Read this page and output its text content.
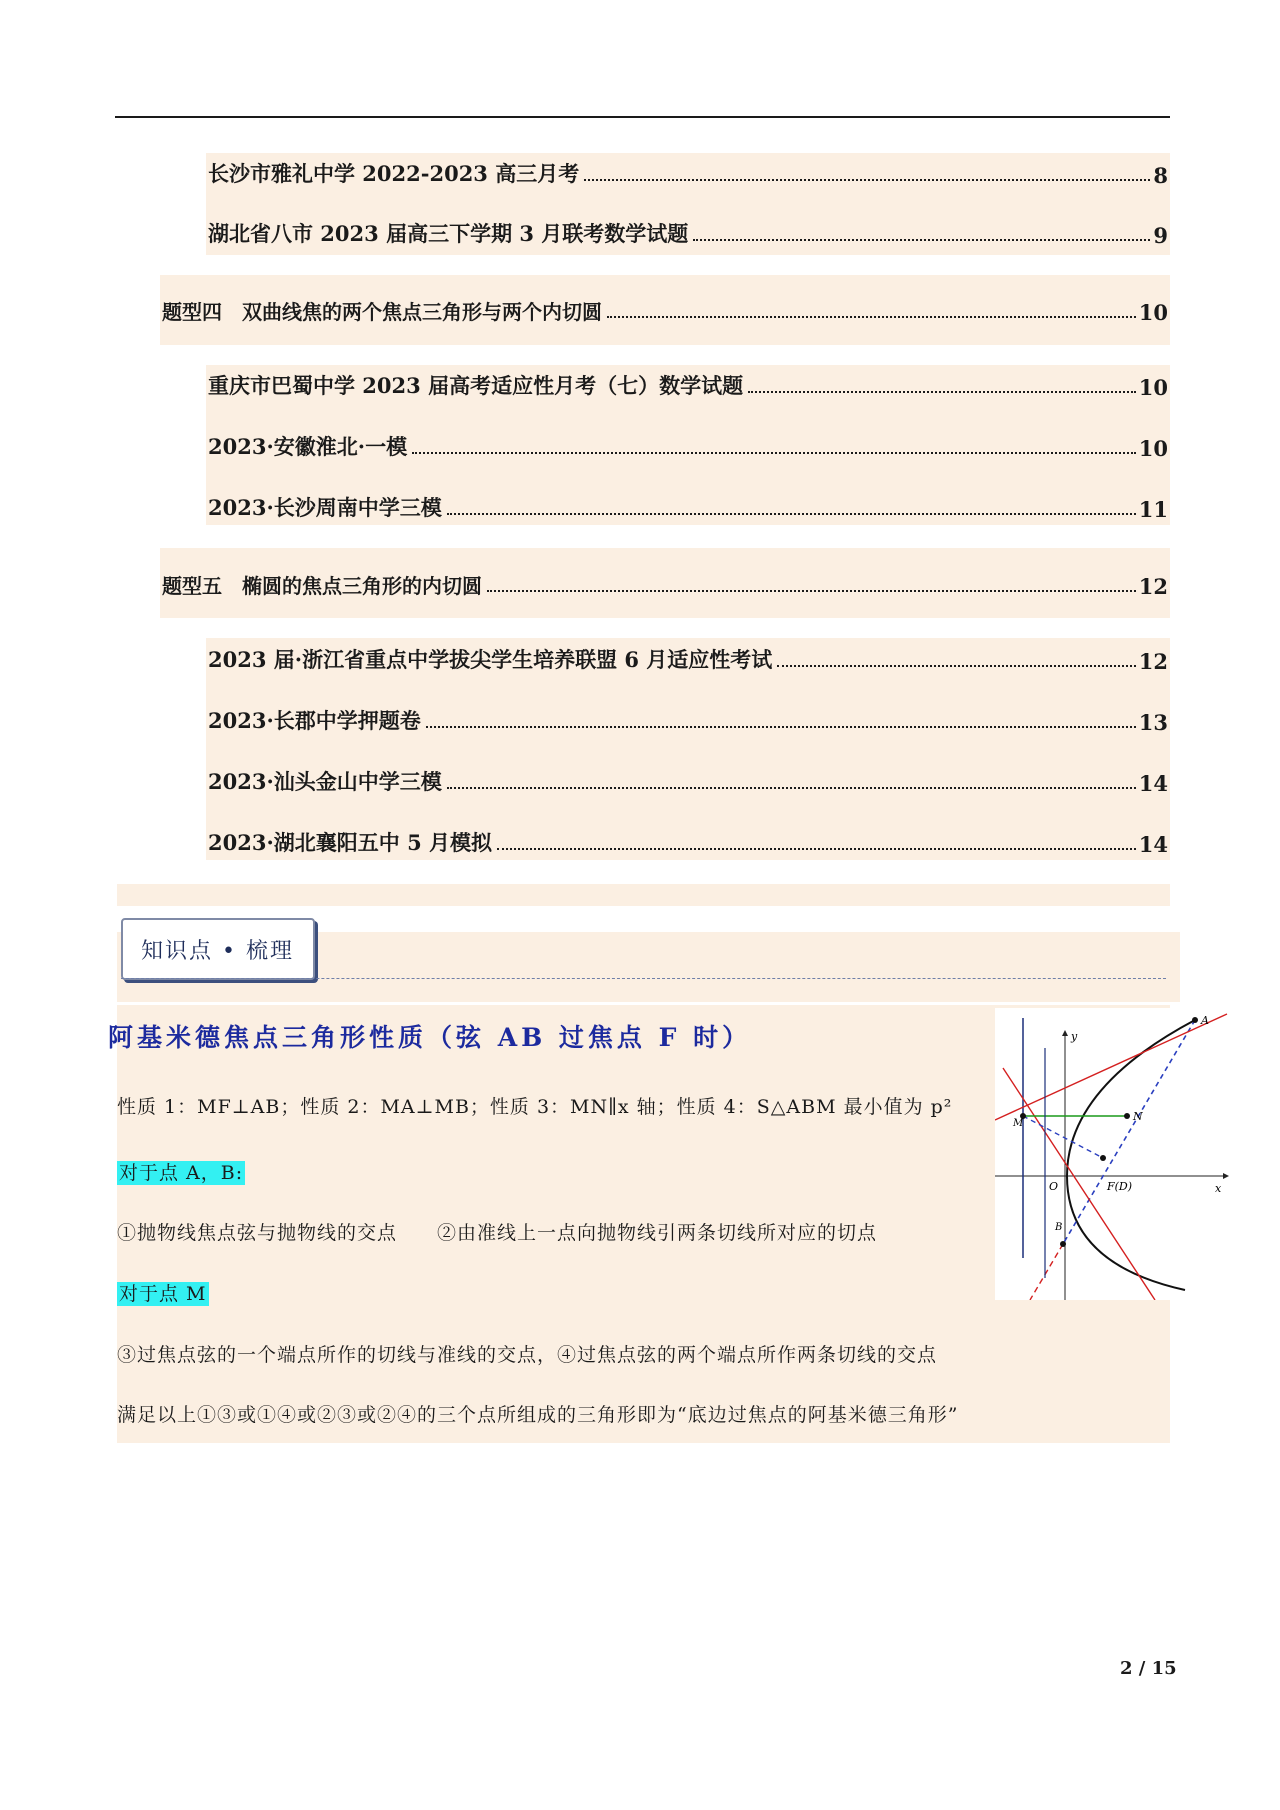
长沙市雅礼中学 2022-2023 高三月考	8
湖北省八市 2023 届高三下学期 3 月联考数学试题	9
题型四　双曲线焦的两个焦点三角形与两个内切圆	10
重庆市巴蜀中学 2023 届高考适应性月考（七）数学试题	10
2023·安徽淮北·一模	10
2023·长沙周南中学三模	11
题型五　椭圆的焦点三角形的内切圆	12
2023 届·浙江省重点中学拔尖学生培养联盟 6 月适应性考试	12
2023·长郡中学押题卷	13
2023·汕头金山中学三模	14
2023·湖北襄阳五中 5 月模拟	14
知识点 • 梳理
阿基米德焦点三角形性质（弦 AB 过焦点 F 时）
性质 1：MF⊥AB；性质 2：MA⊥MB；性质 3：MN∥x 轴；性质 4：S△ABM 最小值为 p²
对于点 A，B:
①抛物线焦点弦与抛物线的交点　　②由准线上一点向抛物线引两条切线所对应的切点
对于点 M
③过焦点弦的一个端点所作的切线与准线的交点，④过焦点弦的两个端点所作两条切线的交点
满足以上①③或①④或②③或②④的三个点所组成的三角形即为“底边过焦点的阿基米德三角形”
A
M
N
O	F(D)
B
x
y
2 / 15
